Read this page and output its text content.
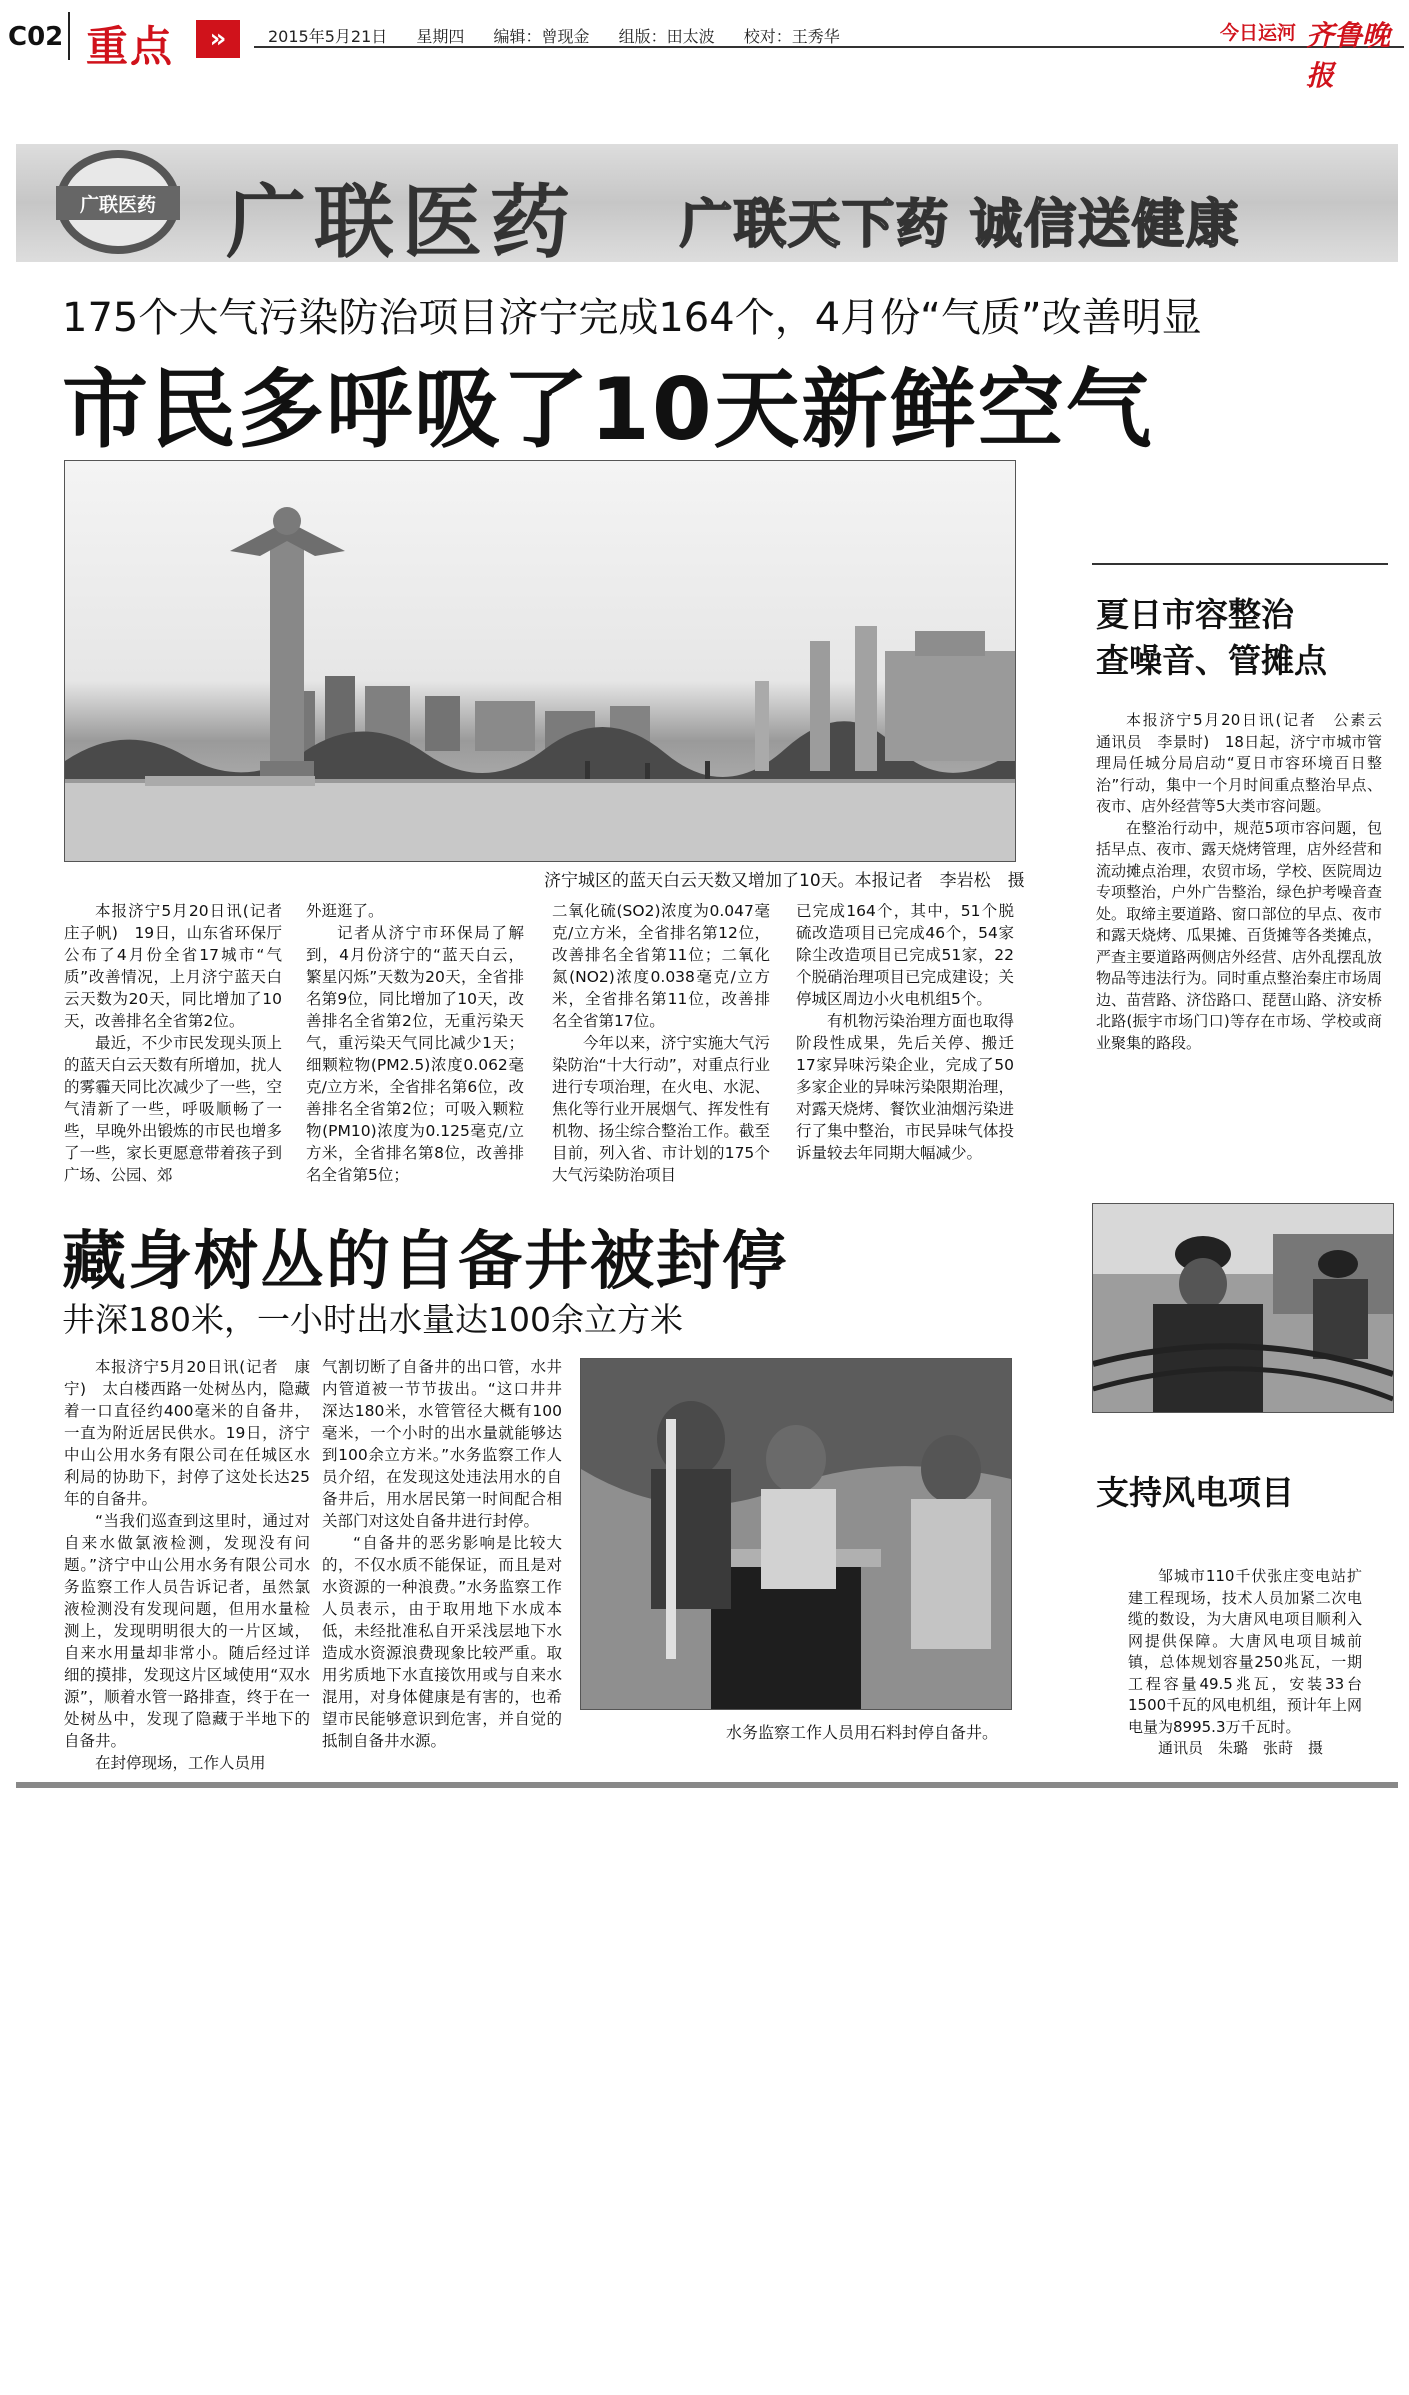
C02 重点	»	2015年5月21日 星期四 编辑：曾现金 组版：田太波 校对：王秀华	今日运河 齐鲁晚报
广联医药 广联医药 广联天下药 诚信送健康
175个大气污染防治项目济宁完成164个，4月份“气质”改善明显
市民多呼吸了10天新鲜空气
济宁城区的蓝天白云天数又增加了10天。本报记者　李岩松　摄

本报济宁5月20日讯(记者　庄子帆)　19日，山东省环保厅公布了4月份全省17城市“气质”改善情况，上月济宁蓝天白云天数为20天，同比增加了10天，改善排名全省第2位。

最近，不少市民发现头顶上的蓝天白云天数有所增加，扰人的雾霾天同比次减少了一些，空气清新了一些，呼吸顺畅了一些，早晚外出锻炼的市民也增多了一些，家长更愿意带着孩子到广场、公园、郊

外逛逛了。

记者从济宁市环保局了解到，4月份济宁的“蓝天白云，繁星闪烁”天数为20天，全省排名第9位，同比增加了10天，改善排名全省第2位，无重污染天气，重污染天气同比减少1天；细颗粒物(PM2.5)浓度0.062毫克/立方米，全省排名第6位，改善排名全省第2位；可吸入颗粒物(PM10)浓度为0.125毫克/立方米，全省排名第8位，改善排名全省第5位；

二氧化硫(SO2)浓度为0.047毫克/立方米，全省排名第12位，改善排名全省第11位；二氧化氮(NO2)浓度0.038毫克/立方米，全省排名第11位，改善排名全省第17位。

今年以来，济宁实施大气污染防治“十大行动”，对重点行业进行专项治理，在火电、水泥、焦化等行业开展烟气、挥发性有机物、扬尘综合整治工作。截至目前，列入省、市计划的175个大气污染防治项目

已完成164个，其中，51个脱硫改造项目已完成46个，54家除尘改造项目已完成51家，22个脱硝治理项目已完成建设；关停城区周边小火电机组5个。

有机物污染治理方面也取得阶段性成果，先后关停、搬迁17家异味污染企业，完成了50多家企业的异味污染限期治理，对露天烧烤、餐饮业油烟污染进行了集中整治，市民异味气体投诉量较去年同期大幅减少。

夏日市容整治
查噪音、管摊点

本报济宁5月20日讯(记者　公素云　通讯员　李景时)　18日起，济宁市城市管理局任城分局启动“夏日市容环境百日整治”行动，集中一个月时间重点整治早点、夜市、店外经营等5大类市容问题。

在整治行动中，规范5项市容问题，包括早点、夜市、露天烧烤管理，店外经营和流动摊点治理，农贸市场，学校、医院周边专项整治，户外广告整治，绿色护考噪音查处。取缔主要道路、窗口部位的早点、夜市和露天烧烤、瓜果摊、百货摊等各类摊点，严查主要道路两侧店外经营、店外乱摆乱放物品等违法行为。同时重点整治秦庄市场周边、苗营路、济岱路口、琵琶山路、济安桥北路(振宇市场门口)等存在市场、学校或商业聚集的路段。

藏身树丛的自备井被封停
井深180米，一小时出水量达100余立方米

本报济宁5月20日讯(记者　康宁)　太白楼西路一处树丛内，隐藏着一口直径约400毫米的自备井，一直为附近居民供水。19日，济宁中山公用水务有限公司在任城区水利局的协助下，封停了这处长达25年的自备井。

“当我们巡查到这里时，通过对自来水做氯液检测，发现没有问题。”济宁中山公用水务有限公司水务监察工作人员告诉记者，虽然氯液检测没有发现问题，但用水量检测上，发现明明很大的一片区域，自来水用量却非常小。随后经过详细的摸排，发现这片区域使用“双水源”，顺着水管一路排查，终于在一处树丛中，发现了隐藏于半地下的自备井。

在封停现场，工作人员用

气割切断了自备井的出口管，水井内管道被一节节拔出。“这口井井深达180米，水管管径大概有100毫米，一个小时的出水量就能够达到100余立方米。”水务监察工作人员介绍，在发现这处违法用水的自备井后，用水居民第一时间配合相关部门对这处自备井进行封停。

“自备井的恶劣影响是比较大的，不仅水质不能保证，而且是对水资源的一种浪费。”水务监察工作人员表示，由于取用地下水成本低，未经批准私自开采浅层地下水造成水资源浪费现象比较严重。取用劣质地下水直接饮用或与自来水混用，对身体健康是有害的，也希望市民能够意识到危害，并自觉的抵制自备井水源。	水务监察工作人员用石料封停自备井。
支持风电项目

邹城市110千伏张庄变电站扩建工程现场，技术人员加紧二次电缆的数设，为大唐风电项目顺利入网提供保障。大唐风电项目城前镇，总体规划容量250兆瓦，一期工程容量49.5兆瓦，安装33台1500千瓦的风电机组，预计年上网电量为8995.3万千瓦时。

通讯员　朱璐　张莳　摄
